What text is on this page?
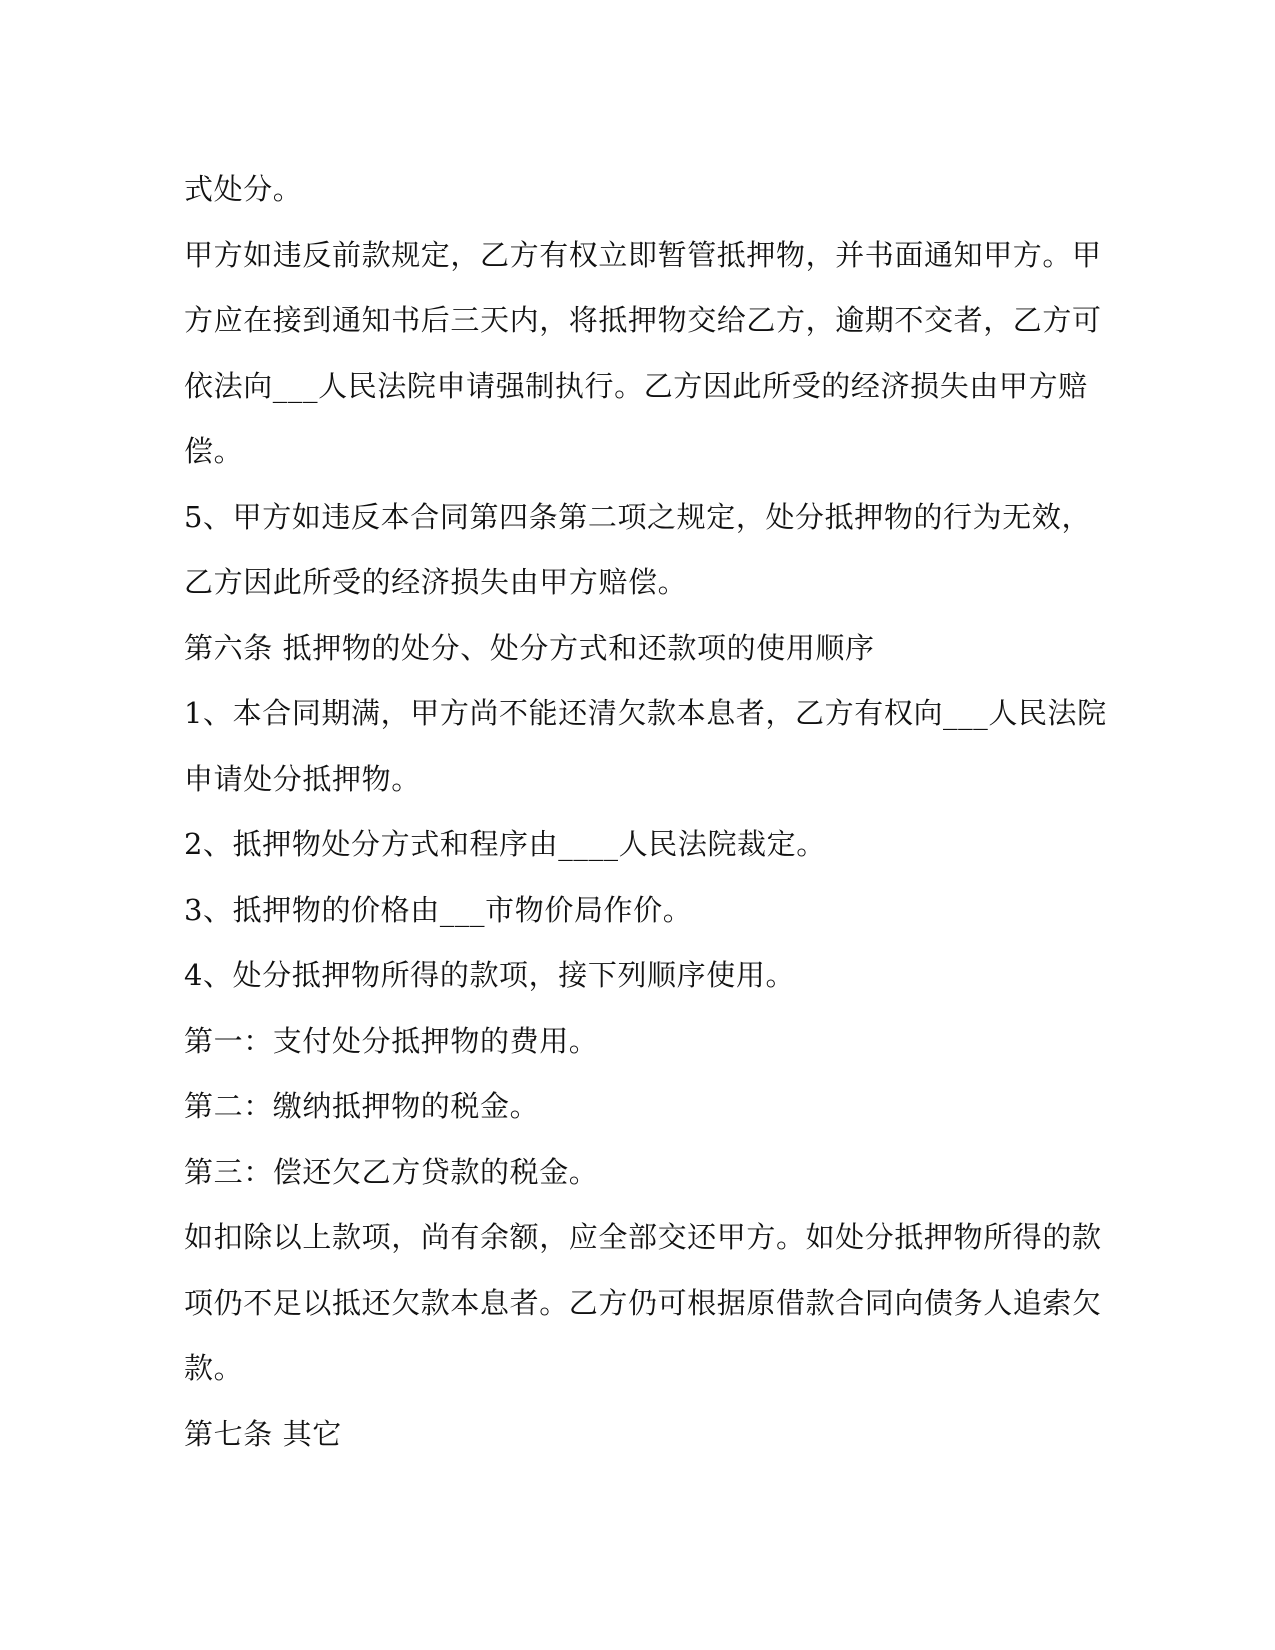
式处分。
甲方如违反前款规定，乙方有权立即暂管抵押物，并书面通知甲方。甲
方应在接到通知书后三天内，将抵押物交给乙方，逾期不交者，乙方可
依法向___人民法院申请强制执行。乙方因此所受的经济损失由甲方赔
偿。
5、甲方如违反本合同第四条第二项之规定，处分抵押物的行为无效，
乙方因此所受的经济损失由甲方赔偿。
第六条 抵押物的处分、处分方式和还款项的使用顺序
1、本合同期满，甲方尚不能还清欠款本息者，乙方有权向___人民法院
申请处分抵押物。
2、抵押物处分方式和程序由____人民法院裁定。
3、抵押物的价格由___市物价局作价。
4、处分抵押物所得的款项，接下列顺序使用。
第一：支付处分抵押物的费用。
第二：缴纳抵押物的税金。
第三：偿还欠乙方贷款的税金。
如扣除以上款项，尚有余额，应全部交还甲方。如处分抵押物所得的款
项仍不足以抵还欠款本息者。乙方仍可根据原借款合同向债务人追索欠
款。
第七条 其它
